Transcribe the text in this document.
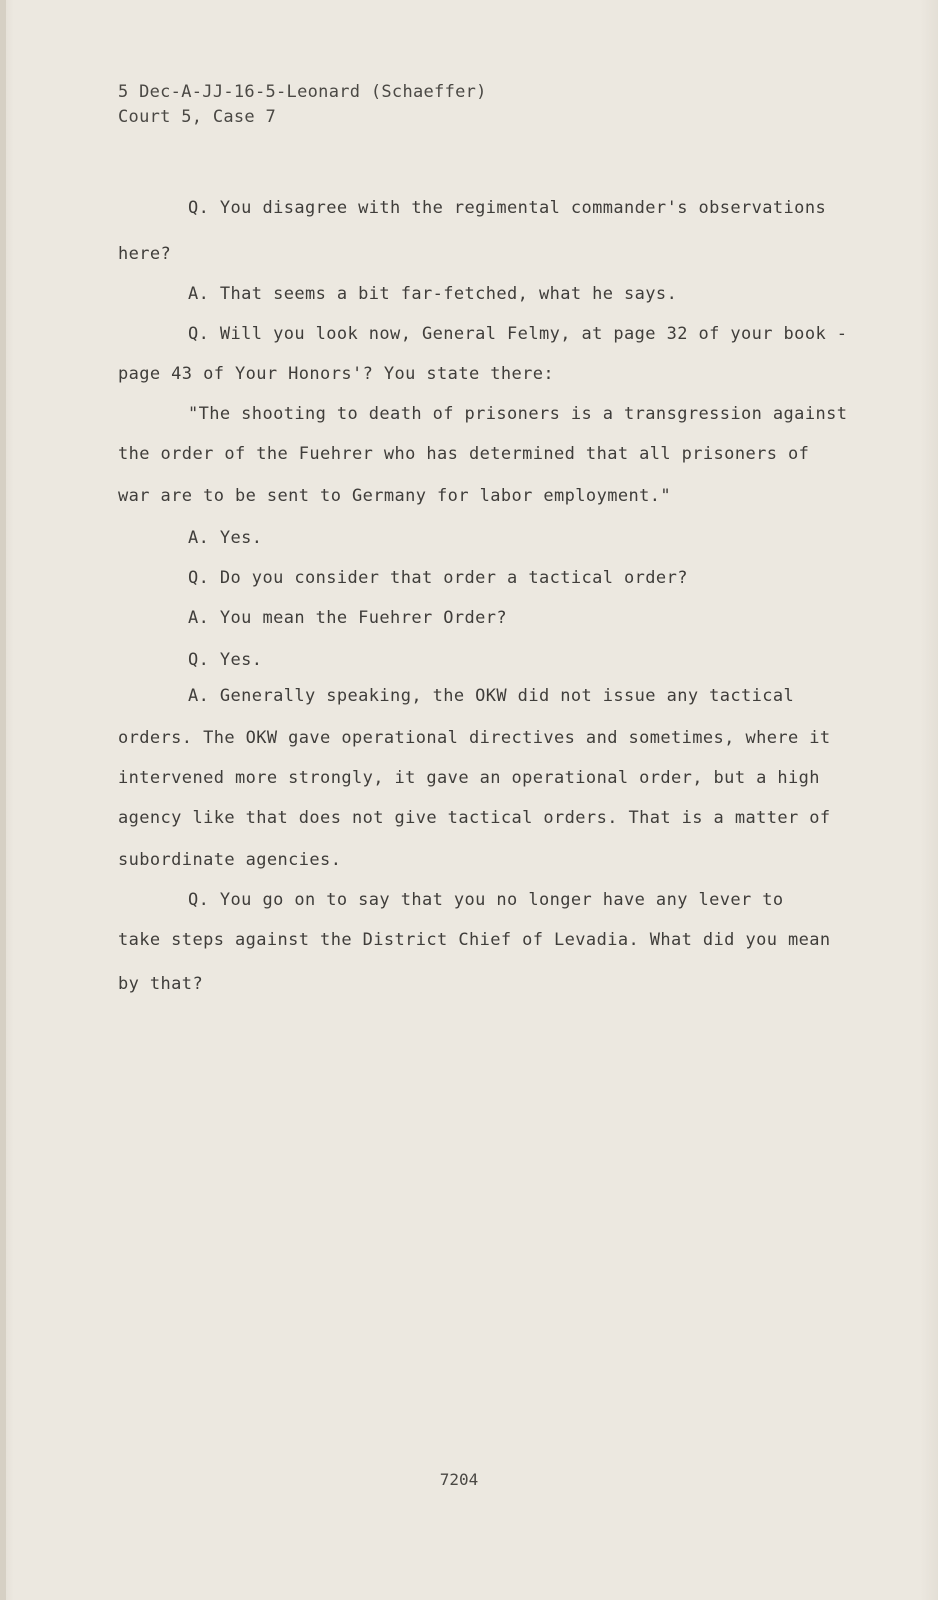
5 Dec-A-JJ-16-5-Leonard (Schaeffer)
Court 5, Case 7
Q. You disagree with the regimental commander's observations
here?
A. That seems a bit far-fetched, what he says.
Q. Will you look now, General Felmy, at page 32 of your book -
page 43 of Your Honors'? You state there:
"The shooting to death of prisoners is a transgression against
the order of the Fuehrer who has determined that all prisoners of
war are to be sent to Germany for labor employment."
A. Yes.
Q. Do you consider that order a tactical order?
A. You mean the Fuehrer Order?
Q. Yes.
A. Generally speaking, the OKW did not issue any tactical
orders. The OKW gave operational directives and sometimes, where it
intervened more strongly, it gave an operational order, but a high
agency like that does not give tactical orders. That is a matter of
subordinate agencies.
Q. You go on to say that you no longer have any lever to
take steps against the District Chief of Levadia. What did you mean
by that?
7204
